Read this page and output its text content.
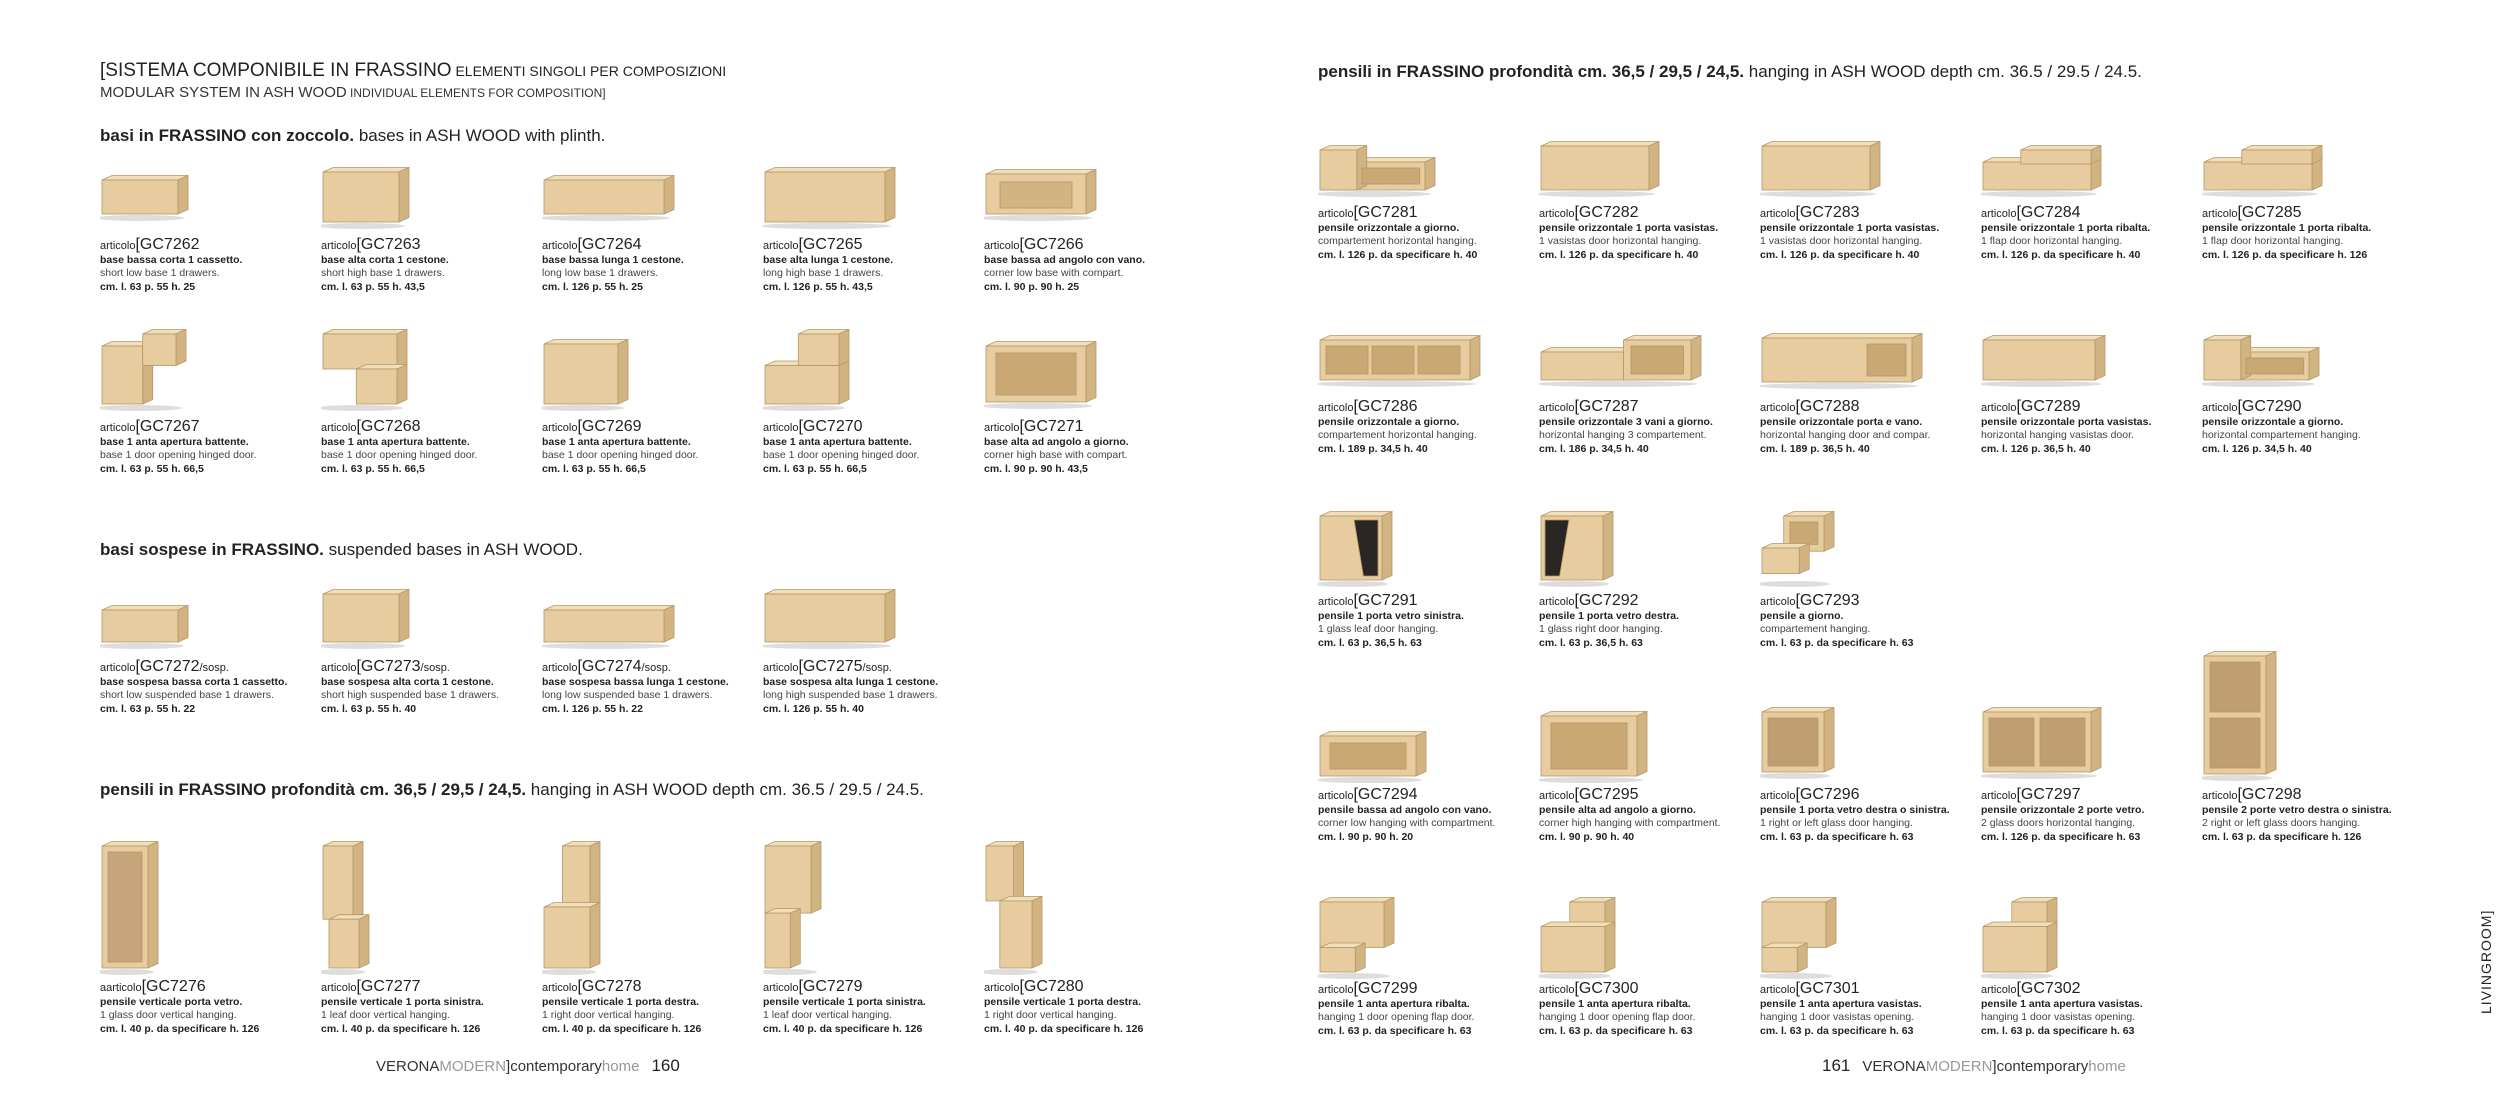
[SISTEMA COMPONIBILE IN FRASSINO ELEMENTI SINGOLI PER COMPOSIZIONI
MODULAR SYSTEM IN ASH WOOD INDIVIDUAL ELEMENTS FOR COMPOSITION]
basi in FRASSINO con zoccolo. bases in ASH WOOD with plinth.
basi sospese in FRASSINO. suspended bases in ASH WOOD.
pensili in FRASSINO profondità cm. 36,5 / 29,5 / 24,5. hanging in ASH WOOD depth cm. 36.5 / 29.5 / 24.5.
pensili in FRASSINO profondità cm. 36,5 / 29,5 / 24,5. hanging in ASH WOOD depth cm. 36.5 / 29.5 / 24.5.
articolo[GC7262
base bassa corta 1 cassetto.
short low base 1 drawers.
cm. l. 63 p. 55 h. 25
articolo[GC7263
base alta corta 1 cestone.
short high base 1 drawers.
cm. l. 63 p. 55 h. 43,5
articolo[GC7264
base bassa lunga 1 cestone.
long low base 1 drawers.
cm. l. 126 p. 55 h. 25
articolo[GC7265
base alta lunga 1 cestone.
long high base 1 drawers.
cm. l. 126 p. 55 h. 43,5
articolo[GC7266
base bassa ad angolo con vano.
corner low base with compart.
cm. l. 90 p. 90 h. 25
articolo[GC7267
base 1 anta apertura battente.
base 1 door opening hinged door.
cm. l. 63 p. 55 h. 66,5
articolo[GC7268
base 1 anta apertura battente.
base 1 door opening hinged door.
cm. l. 63 p. 55 h. 66,5
articolo[GC7269
base 1 anta apertura battente.
base 1 door opening hinged door.
cm. l. 63 p. 55 h. 66,5
articolo[GC7270
base 1 anta apertura battente.
base 1 door opening hinged door.
cm. l. 63 p. 55 h. 66,5
articolo[GC7271
base alta ad angolo a giorno.
corner high base with compart.
cm. l. 90 p. 90 h. 43,5
articolo[GC7272/sosp.
base sospesa bassa corta 1 cassetto.
short low suspended base 1 drawers.
cm. l. 63 p. 55 h. 22
articolo[GC7273/sosp.
base sospesa alta corta 1 cestone.
short high suspended base 1 drawers.
cm. l. 63 p. 55 h. 40
articolo[GC7274/sosp.
base sospesa bassa lunga 1 cestone.
long low suspended base 1 drawers.
cm. l. 126 p. 55 h. 22
articolo[GC7275/sosp.
base sospesa alta lunga 1 cestone.
long high suspended base 1 drawers.
cm. l. 126 p. 55 h. 40
aarticolo[GC7276
pensile verticale porta vetro.
1 glass door vertical hanging.
cm. l. 40 p. da specificare h. 126
articolo[GC7277
pensile verticale 1 porta sinistra.
1 leaf door vertical hanging.
cm. l. 40 p. da specificare h. 126
articolo[GC7278
pensile verticale 1 porta destra.
1 right door vertical hanging.
cm. l. 40 p. da specificare h. 126
articolo[GC7279
pensile verticale 1 porta sinistra.
1 leaf door vertical hanging.
cm. l. 40 p. da specificare h. 126
articolo[GC7280
pensile verticale 1 porta destra.
1 right door vertical hanging.
cm. l. 40 p. da specificare h. 126
articolo[GC7281
pensile orizzontale a giorno.
compartement horizontal hanging.
cm. l. 126 p. da specificare h. 40
articolo[GC7282
pensile orizzontale 1 porta vasistas.
1 vasistas door horizontal hanging.
cm. l. 126 p. da specificare h. 40
articolo[GC7283
pensile orizzontale 1 porta vasistas.
1 vasistas door horizontal hanging.
cm. l. 126 p. da specificare h. 40
articolo[GC7284
pensile orizzontale 1 porta ribalta.
1 flap door horizontal hanging.
cm. l. 126 p. da specificare h. 40
articolo[GC7285
pensile orizzontale 1 porta ribalta.
1 flap door horizontal hanging.
cm. l. 126 p. da specificare h. 126
articolo[GC7286
pensile orizzontale a giorno.
compartement horizontal hanging.
cm. l. 189 p. 34,5 h. 40
articolo[GC7287
pensile orizzontale 3 vani a giorno.
horizontal hanging 3 compartement.
cm. l. 186 p. 34,5 h. 40
articolo[GC7288
pensile orizzontale porta e vano.
horizontal hanging door and compar.
cm. l. 189 p. 36,5 h. 40
articolo[GC7289
pensile orizzontale porta vasistas.
horizontal hanging vasistas door.
cm. l. 126 p. 36,5 h. 40
articolo[GC7290
pensile orizzontale a giorno.
horizontal compartement hanging.
cm. l. 126 p. 34,5 h. 40
articolo[GC7291
pensile 1 porta vetro sinistra.
1 glass leaf door hanging.
cm. l. 63 p. 36,5 h. 63
articolo[GC7292
pensile 1 porta vetro destra.
1 glass right door hanging.
cm. l. 63 p. 36,5 h. 63
articolo[GC7293
pensile a giorno.
compartement hanging.
cm. l. 63 p. da specificare h. 63
articolo[GC7294
pensile bassa ad angolo con vano.
corner low hanging with compartment.
cm. l. 90 p. 90 h. 20
articolo[GC7295
pensile alta ad angolo a giorno.
corner high hanging with compartment.
cm. l. 90 p. 90 h. 40
articolo[GC7296
pensile 1 porta vetro destra o sinistra.
1 right or left glass door hanging.
cm. l. 63 p. da specificare h. 63
articolo[GC7297
pensile orizzontale 2 porte vetro.
2 glass doors horizontal hanging.
cm. l. 126 p. da specificare h. 63
articolo[GC7298
pensile 2 porte vetro destra o sinistra.
2 right or left glass doors hanging.
cm. l. 63 p. da specificare h. 126
articolo[GC7299
pensile 1 anta apertura ribalta.
hanging 1 door opening flap door.
cm. l. 63 p. da specificare h. 63
articolo[GC7300
pensile 1 anta apertura ribalta.
hanging 1 door opening flap door.
cm. l. 63 p. da specificare h. 63
articolo[GC7301
pensile 1 anta apertura vasistas.
hanging 1 door vasistas opening.
cm. l. 63 p. da specificare h. 63
articolo[GC7302
pensile 1 anta apertura vasistas.
hanging 1 door vasistas opening.
cm. l. 63 p. da specificare h. 63
VERONAMODERN]contemporaryhome 160	161 VERONAMODERN]contemporaryhome
LIVINGROOM]
